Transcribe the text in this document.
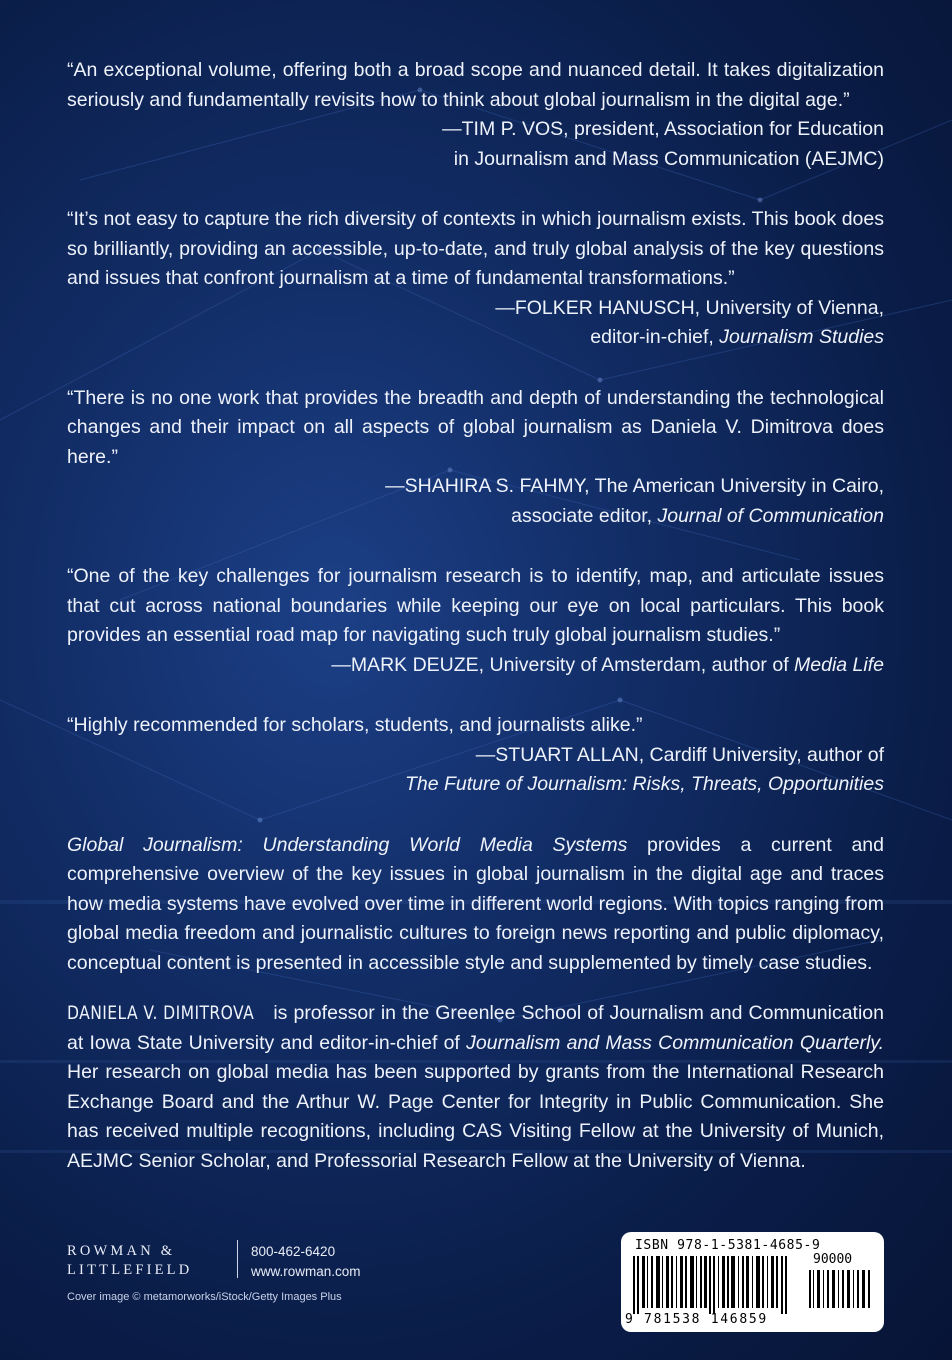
“An exceptional volume, offering both a broad scope and nuanced detail. It takes digitalization seriously and fundamentally revisits how to think about global journalism in the digital age.”
—TIM P. VOS, president, Association for Education
in Journalism and Mass Communication (AEJMC)

“It’s not easy to capture the rich diversity of contexts in which journalism exists. This book does so brilliantly, providing an accessible, up-to-date, and truly global analysis of the key questions and issues that confront journalism at a time of fundamental transformations.”
—FOLKER HANUSCH, University of Vienna,
editor-in-chief, Journalism Studies

“There is no one work that provides the breadth and depth of understanding the technological changes and their impact on all aspects of global journalism as Daniela V. Dimitrova does here.”
—SHAHIRA S. FAHMY, The American University in Cairo,
associate editor, Journal of Communication

“One of the key challenges for journalism research is to identify, map, and articulate issues that cut across national boundaries while keeping our eye on local particulars. This book provides an essential road map for navigating such truly global journalism studies.”
—MARK DEUZE, University of Amsterdam, author of Media Life

“Highly recommended for scholars, students, and journalists alike.”
—STUART ALLAN, Cardiff University, author of
The Future of Journalism: Risks, Threats, Opportunities

Global Journalism: Understanding World Media Systems provides a current and comprehensive overview of the key issues in global journalism in the digital age and traces how media systems have evolved over time in different world regions. With topics ranging from global media freedom and journalistic cultures to foreign news reporting and public diplomacy, conceptual content is presented in accessible style and supplemented by timely case studies.

DANIELA V. DIMITROVA is professor in the Greenlee School of Journalism and Communication at Iowa State University and editor-in-chief of Journalism and Mass Communication Quarterly. Her research on global media has been supported by grants from the International Research Exchange Board and the Arthur W. Page Center for Integrity in Public Communication. She has received multiple recognitions, including CAS Visiting Fellow at the University of Munich, AEJMC Senior Scholar, and Professorial Research Fellow at the University of Vienna.

ROWMAN &
LITTLEFIELD
800-462-6420
www.rowman.com
Cover image © metamorworks/iStock/Getty Images Plus
ISBN 978-1-5381-4685-9
90000
9 781538 146859
